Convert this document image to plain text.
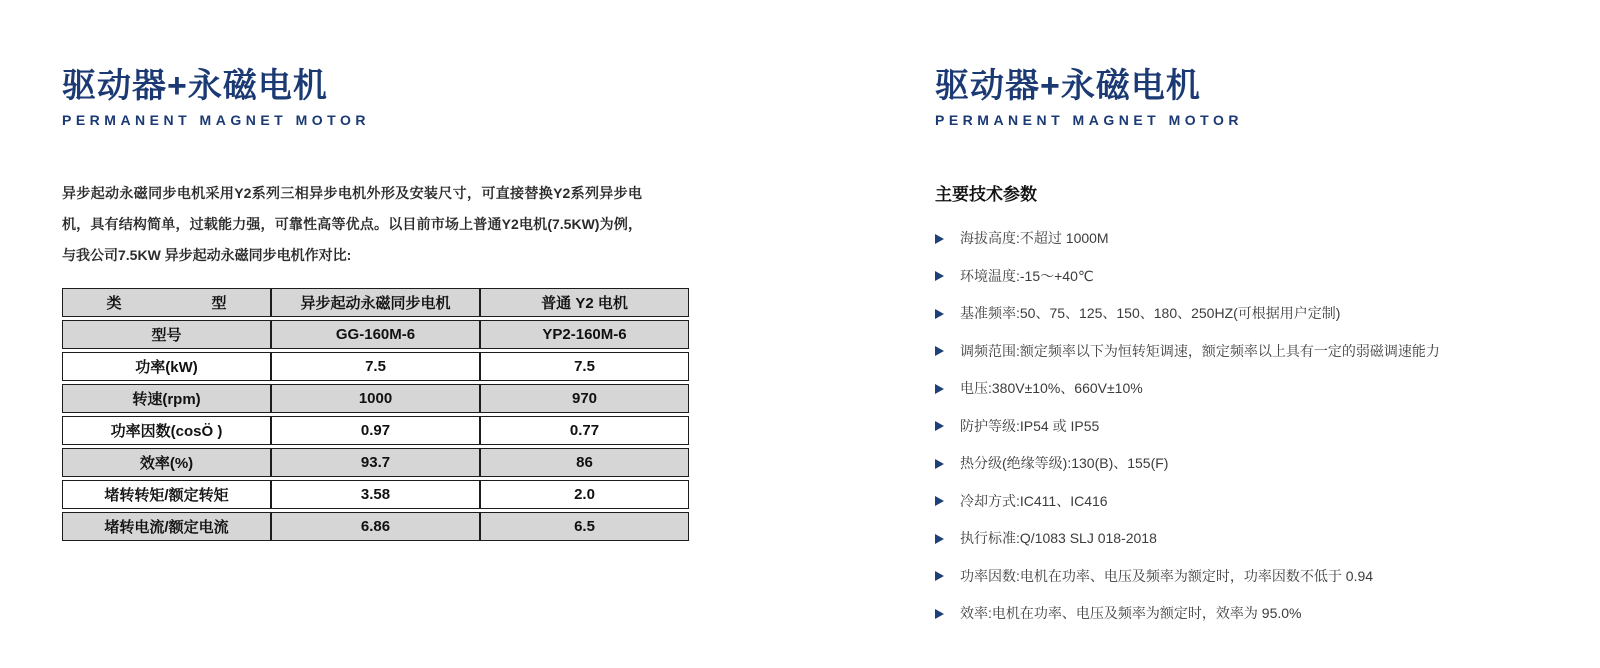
驱动器+永磁电机
PERMANENT MAGNET MOTOR

异步起动永磁同步电机采用Y2系列三相异步电机外形及安装尺寸，可直接替换Y2系列异步电机，具有结构简单，过载能力强，可靠性高等优点。以目前市场上普通Y2电机(7.5KW)为例，与我公司7.5KW 异步起动永磁同步电机作对比:

类　　　　　　型	异步起动永磁同步电机	普通 Y2 电机
型号	GG-160M-6	YP2-160M-6
功率(kW)	7.5	7.5
转速(rpm)	1000	970
功率因数(cosÖ )	0.97	0.77
效率(%)	93.7	86
堵转转矩/额定转矩	3.58	2.0
堵转电流/额定电流	6.86	6.5
驱动器+永磁电机
PERMANENT MAGNET MOTOR
主要技术参数
海拔高度:不超过 1000M
环境温度:-15～+40℃
基准频率:50、75、125、150、180、250HZ(可根据用户定制)
调频范围:额定频率以下为恒转矩调速，额定频率以上具有一定的弱磁调速能力
电压:380V±10%、660V±10%
防护等级:IP54 或 IP55
热分级(绝缘等级):130(B)、155(F)
冷却方式:IC411、IC416
执行标准:Q/1083 SLJ 018-2018
功率因数:电机在功率、电压及频率为额定时，功率因数不低于 0.94
效率:电机在功率、电压及频率为额定时，效率为 95.0%
